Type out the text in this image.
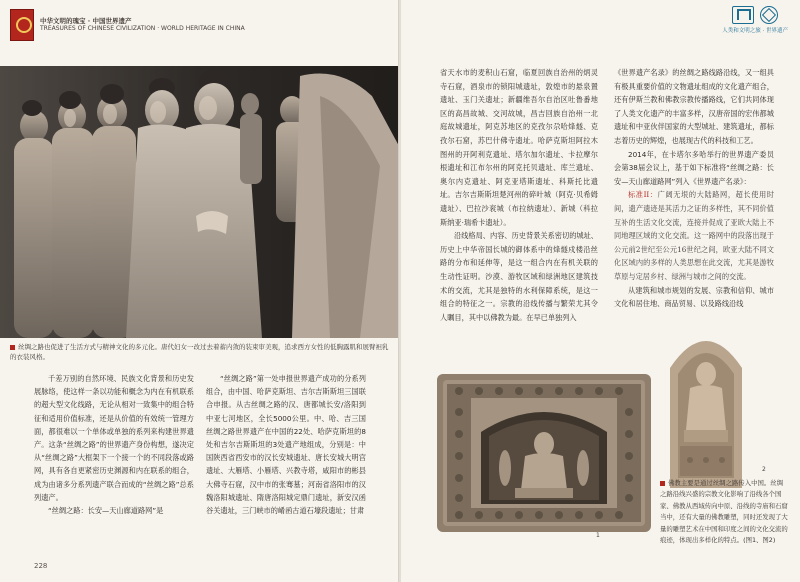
中华文明的瑰宝 · 中国世界遗产
TREASURES OF CHINESE CIVILIZATION · WORLD HERITAGE IN CHINA
丝绸之路也促进了生活方式与精神文化的多元化。唐代妇女一改过去着蓄内敛的装束审美观，追求西方女性的低胸露肌和展臂袒乳的衣装风格。

千差万别的自然环境、民族文化背景和历史发展脉络，使这样一条以功能和概念为内在有机联系的超大型文化线路，无论从相对一致集中的组合特征和适用价值标准，还是从价值的有效统一管理方面，都很难以一个单体或单独的系列来构建世界遗产。这条“丝绸之路”的世界遗产身份构想，遂决定从“丝绸之路”大框架下一个接一个的不同段落或路网，具有各自更紧密历史渊源和内在联系的组合，成为由诸多分系列遗产联合而成的“丝绸之路”总系列遗产。

“丝绸之路：长安—天山廊道路网”是

“丝绸之路”第一处申报世界遗产成功的分系列组合，由中国、哈萨克斯坦、吉尔吉斯斯坦三国联合申报。从古丝绸之路的汉、唐都城长安/洛阳到中亚七河地区，全长5000公里。中、哈、吉三国丝绸之路世界遗产在中国的22处、哈萨克斯坦的8处和吉尔吉斯斯坦的3处遗产地组成，分别是：中国陕西省西安市的汉长安城遗址、唐长安城大明宫遗址、大雁塔、小雁塔、兴教寺塔，咸阳市的彬县大佛寺石窟，汉中市的张骞墓；河南省洛阳市的汉魏洛阳城遗址、隋唐洛阳城定鼎门遗址，新安汉函谷关遗址，三门峡市的崤函古道石壕段遗址；甘肃

228
人类和文明之旅 · 世界遗产

省天水市的麦积山石窟，临夏回族自治州的炳灵寺石窟，酒泉市的锁阳城遗址，敦煌市的悬泉置遗址、玉门关遗址；新疆维吾尔自治区吐鲁番地区的高昌故城、交河故城，昌吉回族自治州一北庭故城遗址，阿克苏地区的克孜尔尕哈烽燧、克孜尔石窟，苏巴什佛寺遗址。哈萨克斯坦阿拉木图州的开阿利克遗址、塔尔加尔遗址、卡拉摩尔根遗址和江布尔州的阿克托贝遗址、库兰遗址、奥尔内克遗址、阿克亚塔斯遗址、科斯托比遗址。吉尔吉斯斯坦楚河州的碎叶城（阿克·贝希姆遗址）、巴拉沙衮城（布拉纳遗址）、新城（科拉斯纳亚·瑞希卡遗址）。

沿线格局、内容、历史背景关系密切的城址、历史上中华帝国长城的御体系中的烽燧戍楼沿丝路的分布和延伸等，是这一组合内在有机关联的生动性证明。沙漠、游牧区域和绿洲地区建筑技术的交流，尤其是独特的水利保障系统，是这一组合的特征之一。宗教的沿线传播与繁荣尤其令人瞩目，其中以佛教为最。在早已单独列入

《世界遗产名录》的丝绸之路线路沿线，又一组具有极具重要价值的文物遗址组成的文化遗产组合，还有伊斯兰教和佛教宗教传播路线，它们共同体现了人类文化遗产的丰富多样，汉唐帝国的宏伟都城遗址和中亚伙伴国家的大型城址、建筑遗址，都标志着历史的辉煌，也展现古代的科技和工艺。

2014年，在卡塔尔多哈举行的世界遗产委员会第38届会议上，基于如下标准将“丝绸之路：长安—天山廊道路网”列入《世界遗产名录》：

标准II：广阔无垠的大陆路网，超长使用时间，遗产遗迹是其活力之证的多样性，其不同价值互补的生活文化交流，连接并促成了亚欧大陆上不同地理区域的文化交流。这一路网中的段落出现于公元前2世纪至公元16世纪之间，欧亚大陆不同文化区域内的多样的人类思想在此交流，尤其是游牧草原与定居乡村、绿洲与城市之间的交流。

从建筑和城市规划的发展、宗教和信仰、城市文化和居住地、商品贸易、以及路线沿线

1
2
佛教主要是通过丝绸之路传入中国。丝绸之路沿线兴盛的宗教文化影响了沿线各个国家、佛教从西域传向中原、沿线的寺庙和石窟当中，还有大量的佛教雕塑，同时还发现了大量的雕塑艺术在中国和印度之间的文化交流的痕迹，体现出多样化的特点。(图1、图2)
